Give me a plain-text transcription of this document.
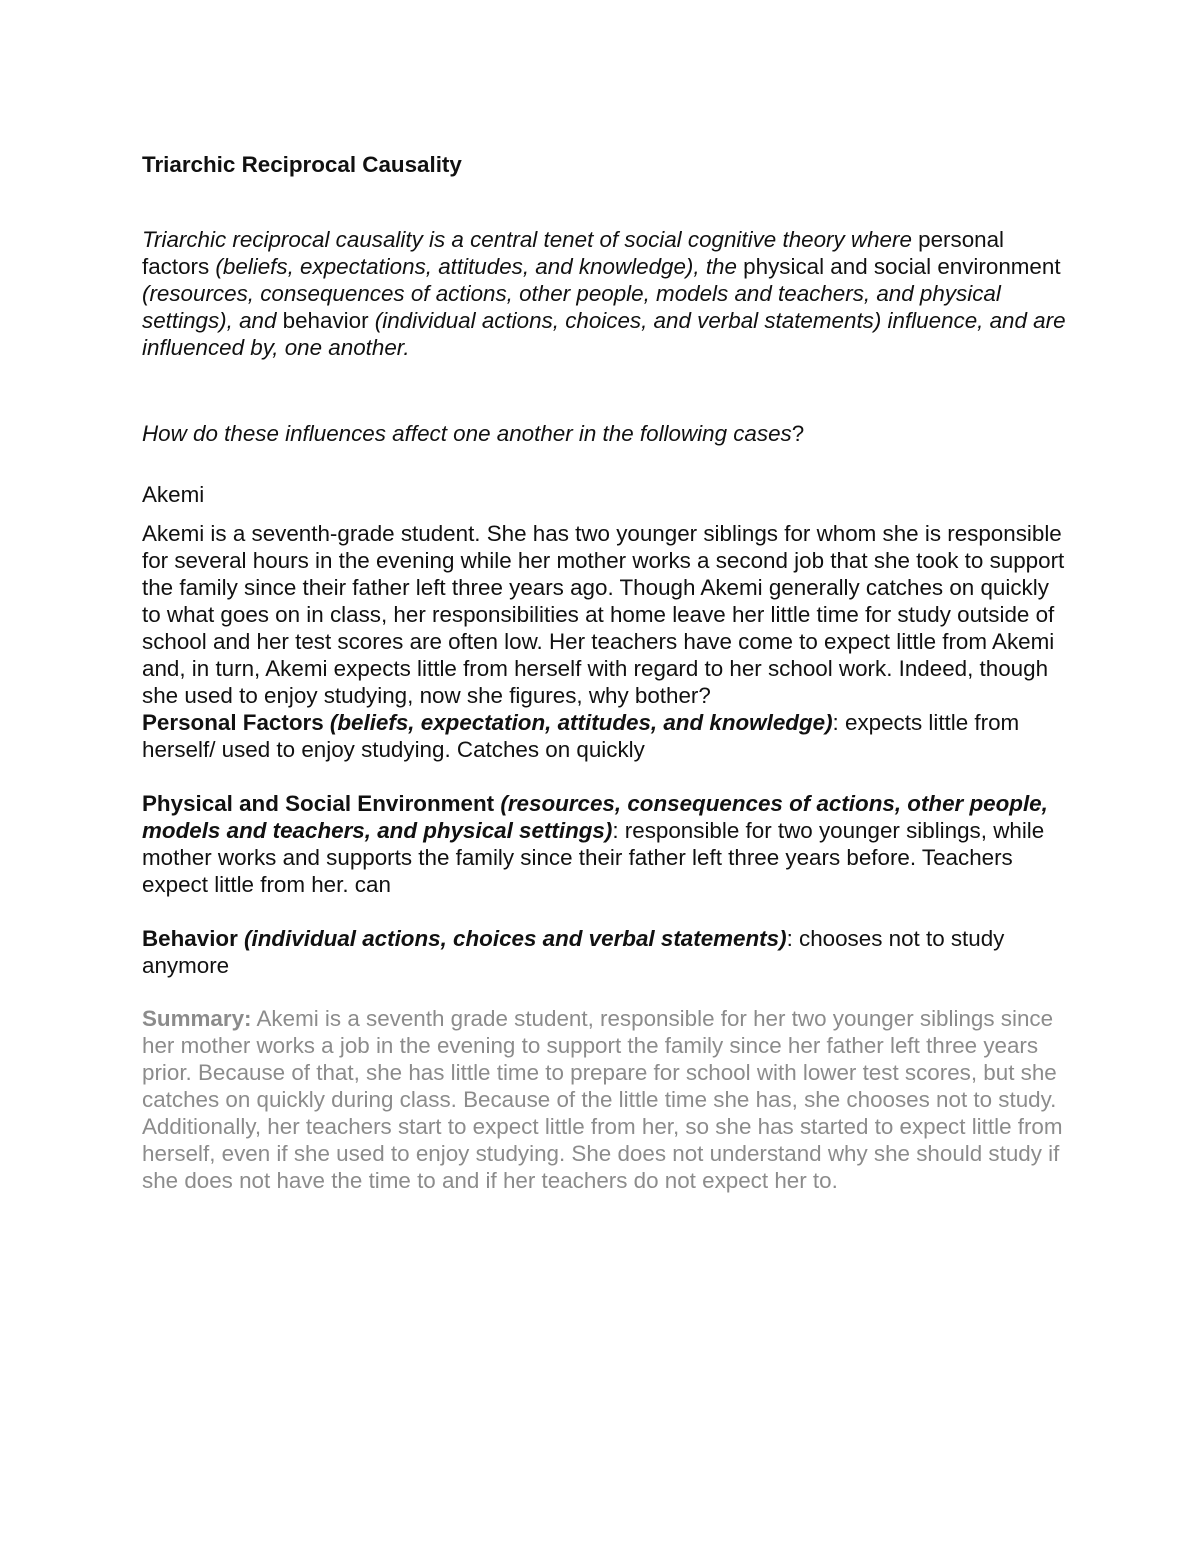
Triarchic Reciprocal Causality

Triarchic reciprocal causality is a central tenet of social cognitive theory where personal factors (beliefs, expectations, attitudes, and knowledge), the physical and social environment (resources, consequences of actions, other people, models and teachers, and physical settings), and behavior (individual actions, choices, and verbal statements) influence, and are influenced by, one another.

How do these influences affect one another in the following cases?

Akemi

Akemi is a seventh-grade student. She has two younger siblings for whom she is responsible for several hours in the evening while her mother works a second job that she took to support the family since their father left three years ago. Though Akemi generally catches on quickly to what goes on in class, her responsibilities at home leave her little time for study outside of school and her test scores are often low. Her teachers have come to expect little from Akemi and, in turn, Akemi expects little from herself with regard to her school work. Indeed, though she used to enjoy studying, now she figures, why bother?

Personal Factors (beliefs, expectation, attitudes, and knowledge): expects little from herself/ used to enjoy studying. Catches on quickly

Physical and Social Environment (resources, consequences of actions, other people, models and teachers, and physical settings): responsible for two younger siblings, while mother works and supports the family since their father left three years before. Teachers expect little from her. can

Behavior (individual actions, choices and verbal statements): chooses not to study anymore

Summary: Akemi is a seventh grade student, responsible for her two younger siblings since her mother works a job in the evening to support the family since her father left three years prior. Because of that, she has little time to prepare for school with lower test scores, but she catches on quickly during class. Because of the little time she has, she chooses not to study. Additionally, her teachers start to expect little from her, so she has started to expect little from herself, even if she used to enjoy studying. She does not understand why she should study if she does not have the time to and if her teachers do not expect her to.
